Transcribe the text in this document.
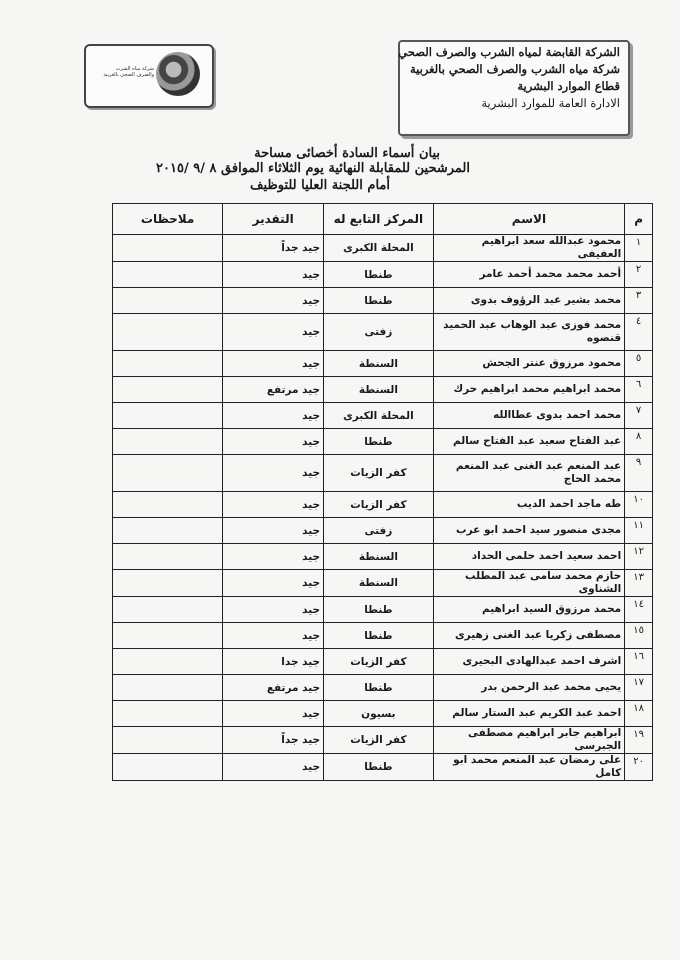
شركة مياه الشرب والصرف الصحي بالغربية
الشركة القابضة لمياه الشرب والصرف الصحي
شركة مياه الشرب والصرف الصحي بالغربية
قطاع الموارد البشرية
الادارة العامة للموارد البشرية
بيان أسماء السادة أخصائى مساحة
المرشحين للمقابلة النهائية يوم الثلاثاء الموافق ٨ /٩ /٢٠١٥
أمام اللجنة العليا للتوظيف
م	الاسم	المركز التابع له	التقدير	ملاحظات
١	محمود عبدالله سعد ابراهيم العفيفى	المحلة الكبرى	جيد جداً	
٢	أحمد محمد محمد أحمد عامر	طنطا	جيد	
٣	محمد بشير عبد الرؤوف بدوى	طنطا	جيد	
٤	محمد فوزى عبد الوهاب عبد الحميد قنصوه	زفتى	جيد	
٥	محمود مرزوق عنتر الجحش	السنطة	جيد	
٦	محمد ابراهيم محمد ابراهيم حرك	السنطة	جيد مرتفع	
٧	محمد احمد بدوى عطاالله	المحلة الكبرى	جيد	
٨	عبد الفتاح سعيد عبد الفتاح سالم	طنطا	جيد	
٩	عبد المنعم عبد الغنى عبد المنعم محمد الحاج	كفر الزيات	جيد	
١٠	طه ماجد احمد الديب	كفر الزيات	جيد	
١١	مجدى منصور سيد احمد ابو عرب	زفتى	جيد	
١٢	احمد سعيد احمد حلمى الحداد	السنطة	جيد	
١٣	حازم محمد سامى عبد المطلب الشناوى	السنطة	جيد	
١٤	محمد مرزوق السيد ابراهيم	طنطا	جيد	
١٥	مصطفى زكريا عبد الغنى زهيرى	طنطا	جيد	
١٦	اشرف احمد عبدالهادى البحيرى	كفر الزيات	جيد جدا	
١٧	يحيى محمد عبد الرحمن بدر	طنطا	جيد مرتفع	
١٨	احمد عبد الكريم عبد الستار سالم	بسيون	جيد	
١٩	ابراهيم جابر ابراهيم مصطفى الجبرسى	كفر الزيات	جيد جداً	
٢٠	على رمضان عبد المنعم محمد ابو كامل	طنطا	جيد	
